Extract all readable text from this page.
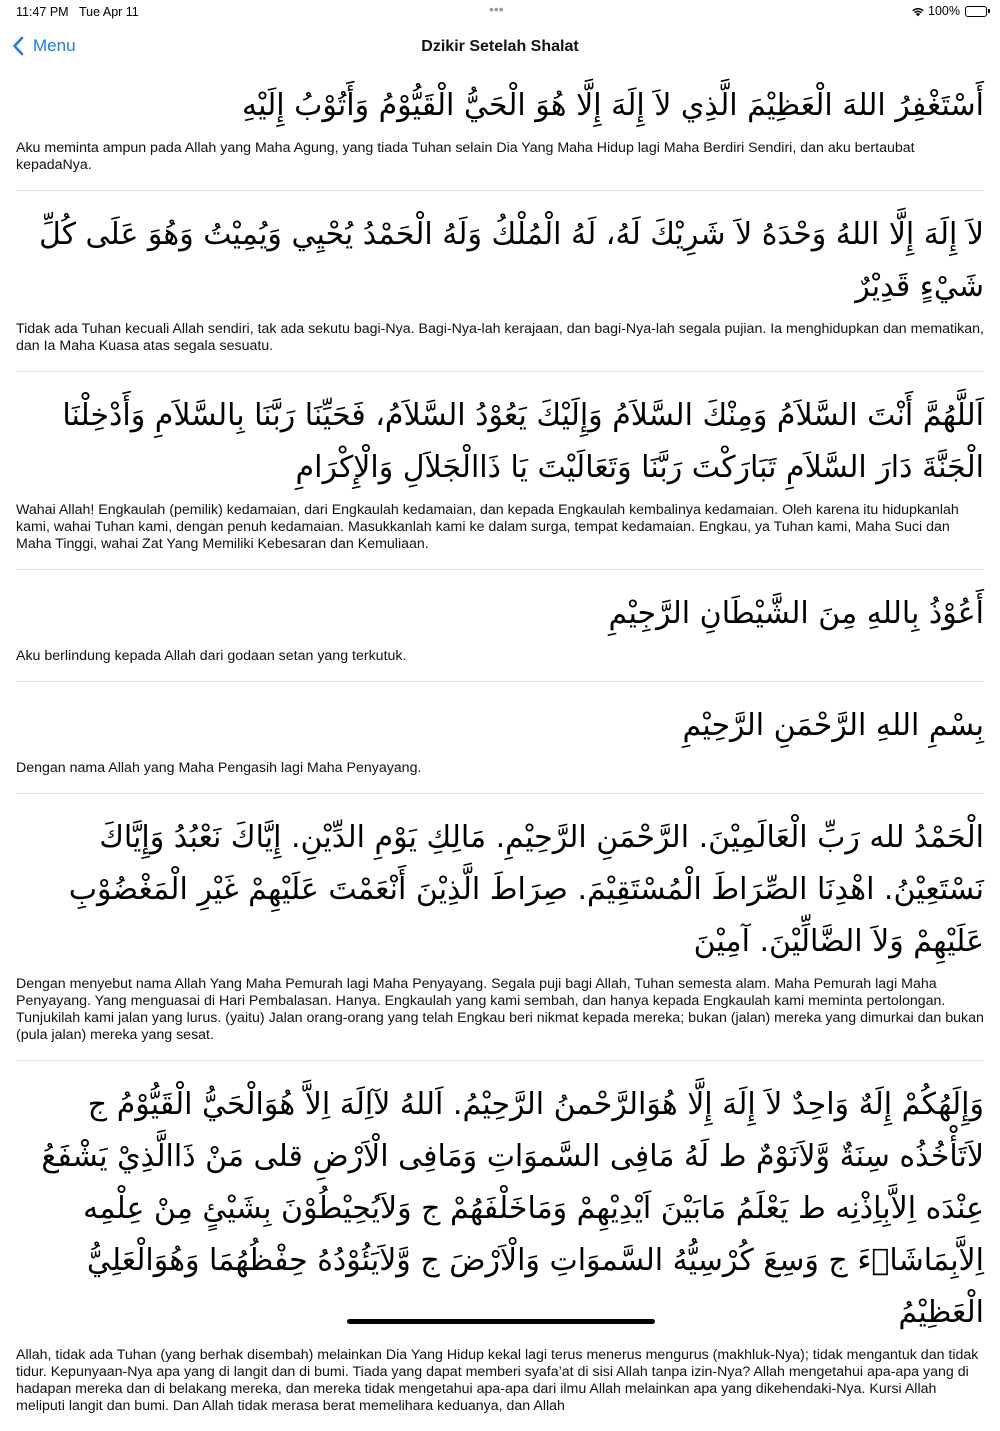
11:47 PM Tue Apr 11	•••	100%
Menu	Dzikir Setelah Shalat
أَسْتَغْفِرُ اللهَ الْعَظِيْمَ الَّذِي لاَ إِلَهَ إِلَّا هُوَ الْحَيُّ الْقَيُّوْمُ وَأَتُوْبُ إِلَيْهِ
Aku meminta ampun pada Allah yang Maha Agung, yang tiada Tuhan selain Dia Yang Maha Hidup lagi Maha Berdiri Sendiri, dan aku bertaubat kepadaNya.
لاَ إِلَهَ إِلَّا اللهُ وَحْدَهُ لاَ شَرِيْكَ لَهُ، لَهُ الْمُلْكُ وَلَهُ الْحَمْدُ يُحْيِي وَيُمِيْتُ وَهُوَ عَلَى كُلِّ شَيْءٍ قَدِيْرٌ
Tidak ada Tuhan kecuali Allah sendiri, tak ada sekutu bagi-Nya. Bagi-Nya-lah kerajaan, dan bagi-Nya-lah segala pujian. Ia menghidupkan dan mematikan, dan Ia Maha Kuasa atas segala sesuatu.
اَللَّهُمَّ أَنْتَ السَّلاَمُ وَمِنْكَ السَّلاَمُ وَإِلَيْكَ يَعُوْدُ السَّلاَمُ، فَحَيِّنَا رَبَّنَا بِالسَّلاَمِ وَأَدْخِلْنَا الْجَنَّةَ دَارَ السَّلاَمِ تَبَارَكْتَ رَبَّنَا وَتَعَالَيْتَ يَا ذَاالْجَلاَلِ وَالْإِكْرَامِ
Wahai Allah! Engkaulah (pemilik) kedamaian, dari Engkaulah kedamaian, dan kepada Engkaulah kembalinya kedamaian. Oleh karena itu hidupkanlah kami, wahai Tuhan kami, dengan penuh kedamaian. Masukkanlah kami ke dalam surga, tempat kedamaian. Engkau, ya Tuhan kami, Maha Suci dan Maha Tinggi, wahai Zat Yang Memiliki Kebesaran dan Kemuliaan.
أَعُوْذُ بِاللهِ مِنَ الشَّيْطَانِ الرَّجِيْمِ
Aku berlindung kepada Allah dari godaan setan yang terkutuk.
بِسْمِ اللهِ الرَّحْمَنِ الرَّحِيْمِ
Dengan nama Allah yang Maha Pengasih lagi Maha Penyayang.
الْحَمْدُ لله رَبِّ الْعَالَمِيْنَ. الرَّحْمَنِ الرَّحِيْمِ. مَالِكِ يَوْمِ الدِّيْنِ. إِيَّاكَ نَعْبُدُ وَإِيَّاكَ نَسْتَعِيْنُ. اهْدِنَا الصِّرَاطَ الْمُسْتَقِيْمَ. صِرَاطَ الَّذِيْنَ أَنْعَمْتَ عَلَيْهِمْ غَيْرِ الْمَغْضُوْبِ عَلَيْهِمْ وَلاَ الضَّالِّيْنَ. آمِيْنَ
Dengan menyebut nama Allah Yang Maha Pemurah lagi Maha Penyayang. Segala puji bagi Allah, Tuhan semesta alam. Maha Pemurah lagi Maha Penyayang. Yang menguasai di Hari Pembalasan. Hanya. Engkaulah yang kami sembah, dan hanya kepada Engkaulah kami meminta pertolongan. Tunjukilah kami jalan yang lurus. (yaitu) Jalan orang-orang yang telah Engkau beri nikmat kepada mereka; bukan (jalan) mereka yang dimurkai dan bukan (pula jalan) mereka yang sesat.
وَإِلَهُكُمْ إِلَهٌ وَاحِدٌ لاَ إِلَهَ إِلَّا هُوَالرَّحْمنُ الرَّحِيْمُ. اَللهُ لآاِلَهَ اِلاَّ هُوَالْحَيُّ الْقَيُّوْمُ ج لاَتَأْخُذُه سِنَةٌ وَّلاَنَوْمٌ ط لَهُ مَافِى السَّموَاتِ وَمَافِى الْاَرْضِ قلى مَنْ ذَاالَّذِيْ يَشْفَعُ عِنْدَه اِلاَّبِاِذْنِه ط يَعْلَمُ مَابَيْنَ اَيْدِيْهِمْ وَمَاخَلْفَهُمْ ج وَلاَيُحِيْطُوْنَ بِشَيْئٍ مِنْ عِلْمِه اِلاَّبِمَاشَاۤءَ ج وَسِعَ كُرْسِيُّهُ السَّموَاتِ وَالْاَرْضَ ج وَّلاَيَئُوْدُهُ حِفْظُهُمَا وَهُوَالْعَلِيُّ الْعَظِيْمُ
Allah, tidak ada Tuhan (yang berhak disembah) melainkan Dia Yang Hidup kekal lagi terus menerus mengurus (makhluk-Nya); tidak mengantuk dan tidak tidur. Kepunyaan-Nya apa yang di langit dan di bumi. Tiada yang dapat memberi syafa’at di sisi Allah tanpa izin-Nya? Allah mengetahui apa-apa yang di hadapan mereka dan di belakang mereka, dan mereka tidak mengetahui apa-apa dari ilmu Allah melainkan apa yang dikehendaki-Nya. Kursi Allah meliputi langit dan bumi. Dan Allah tidak merasa berat memelihara keduanya, dan Allah
